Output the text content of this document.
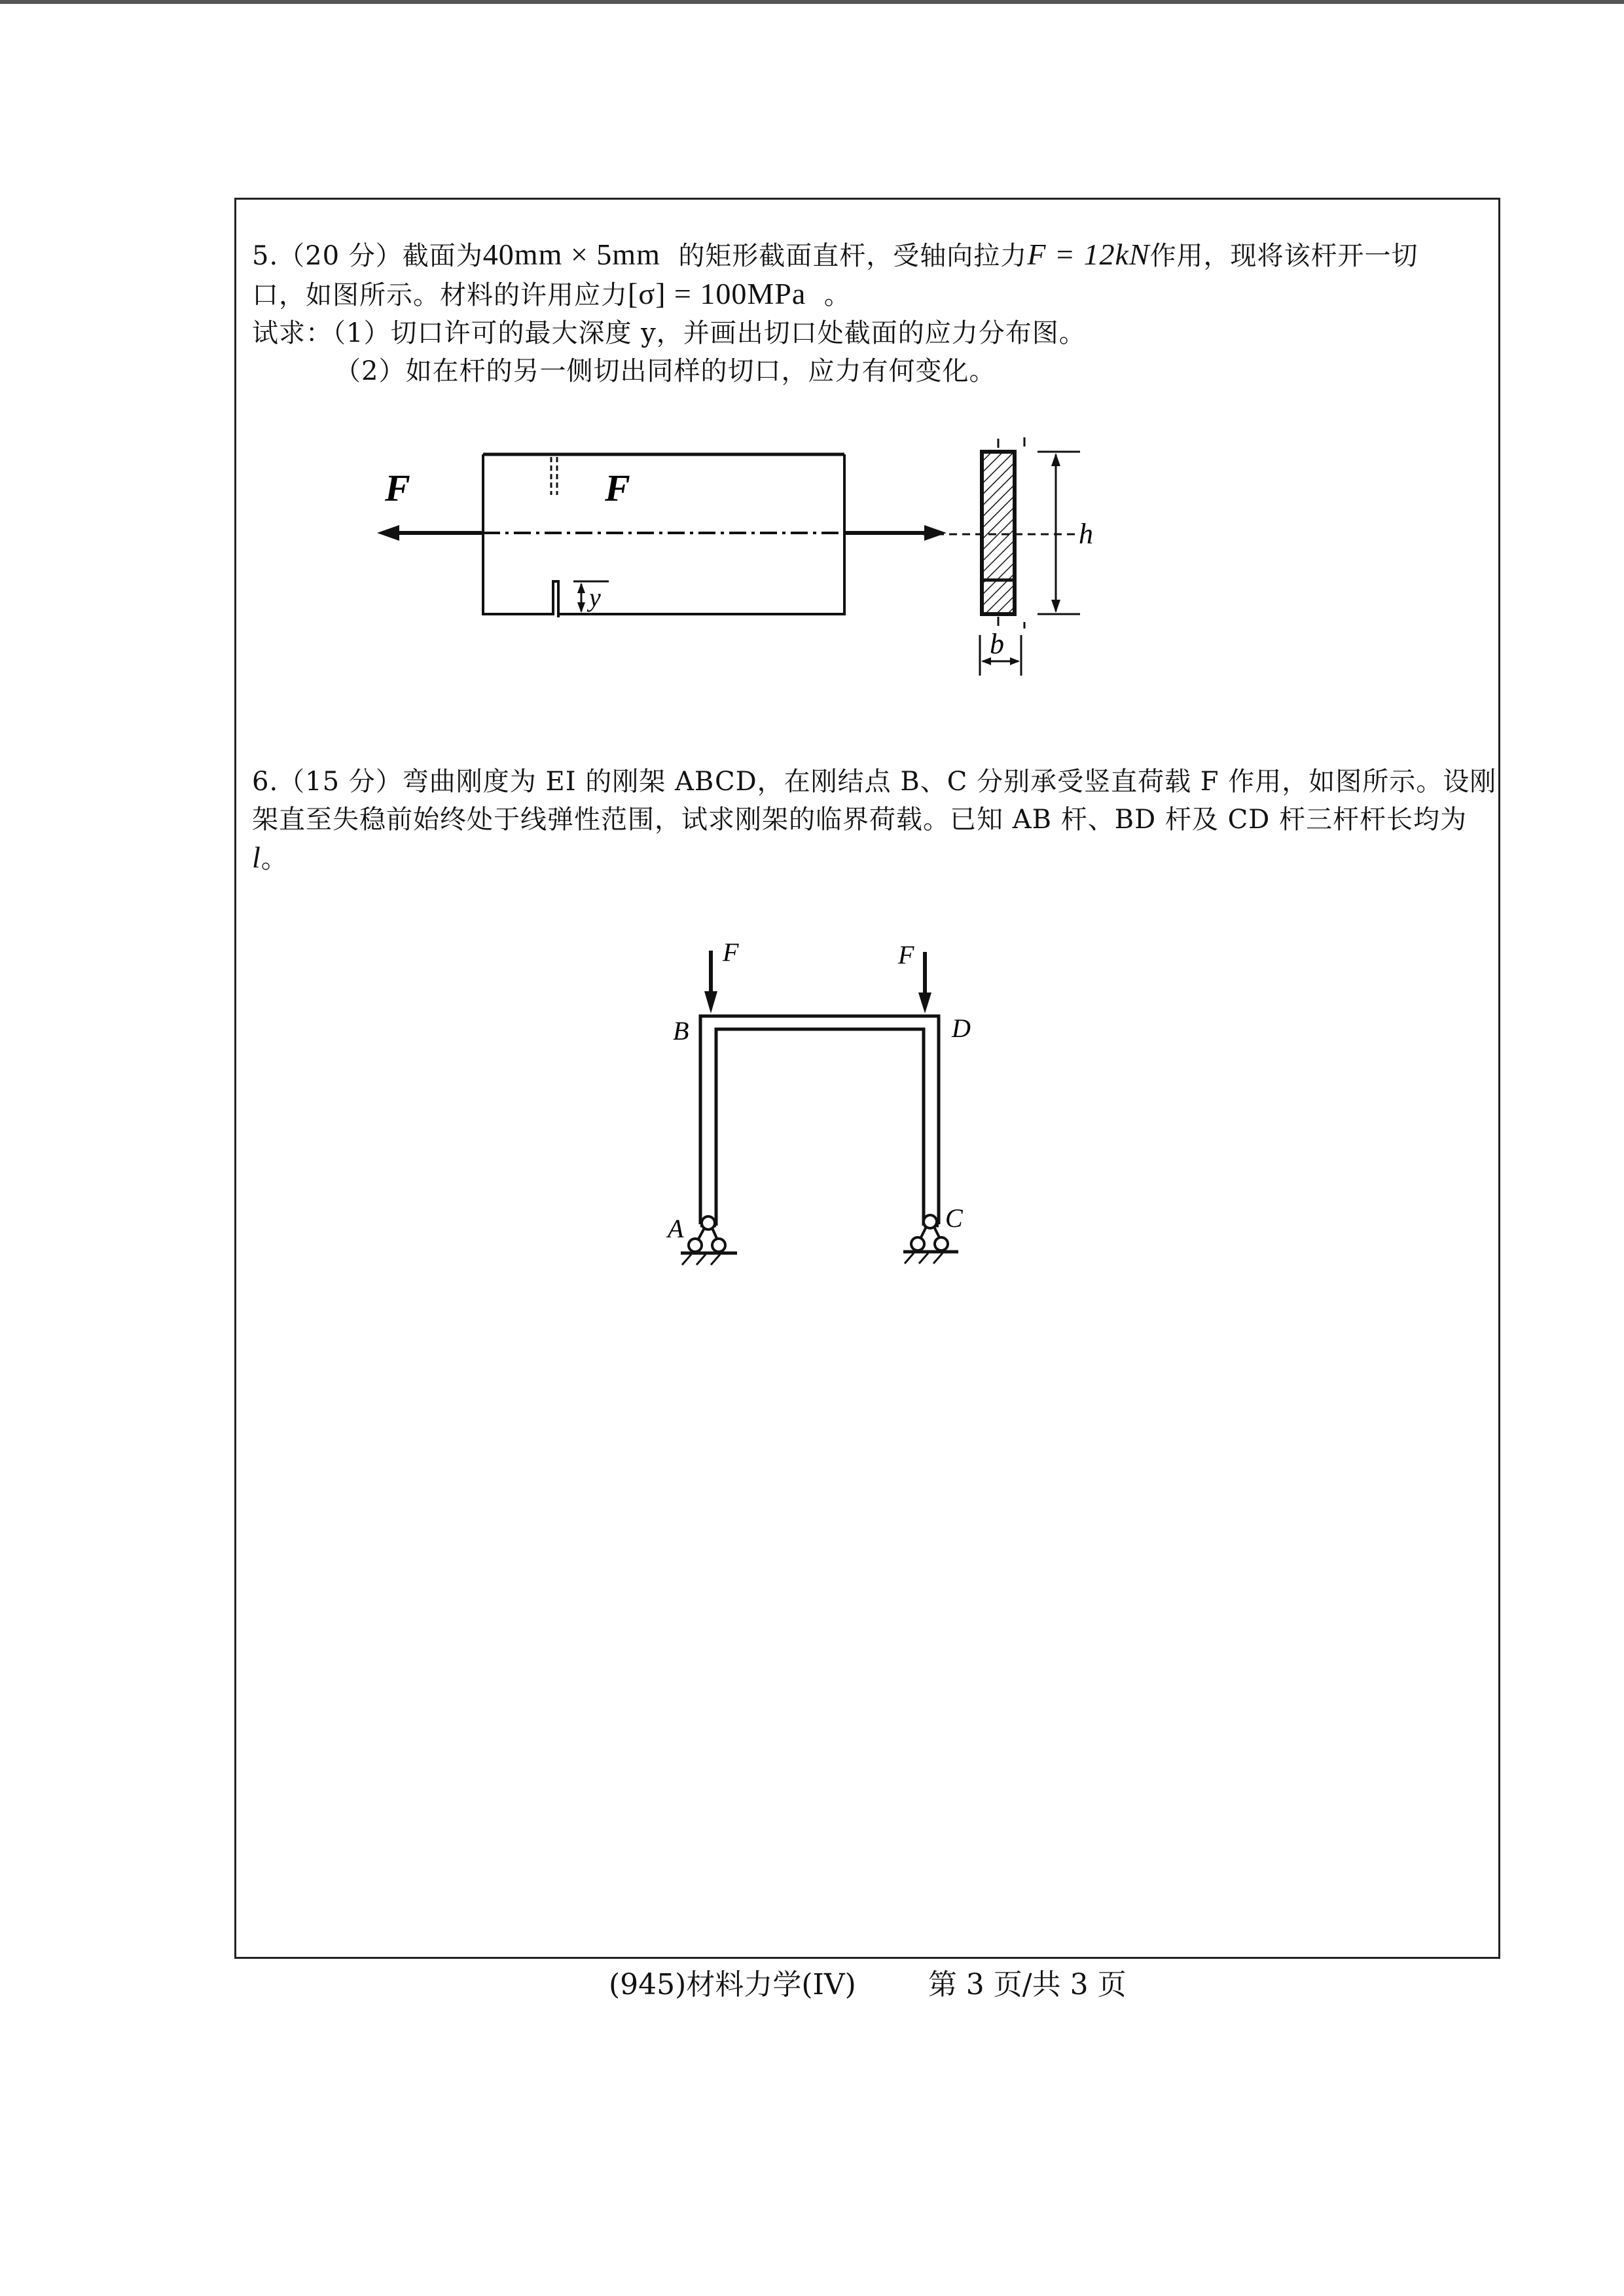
5.（20 分）截面为40mm × 5mm 的矩形截面直杆，受轴向拉力F = 12kN作用，现将该杆开一切
口，如图所示。材料的许用应力[σ] = 100MPa 。
试求：（1）切口许可的最大深度 y，并画出切口处截面的应力分布图。
（2）如在杆的另一侧切出同样的切口，应力有何变化。
F	F
y
h
b
6.（15 分）弯曲刚度为 EI 的刚架 ABCD，在刚结点 B、C 分别承受竖直荷载 F 作用，如图所示。设刚
架直至失稳前始终处于线弹性范围，试求刚架的临界荷载。已知 AB 杆、BD 杆及 CD 杆三杆杆长均为
l。
F	F
B	D
A	C
(945)材料力学(IV)	第 3 页/共 3 页
